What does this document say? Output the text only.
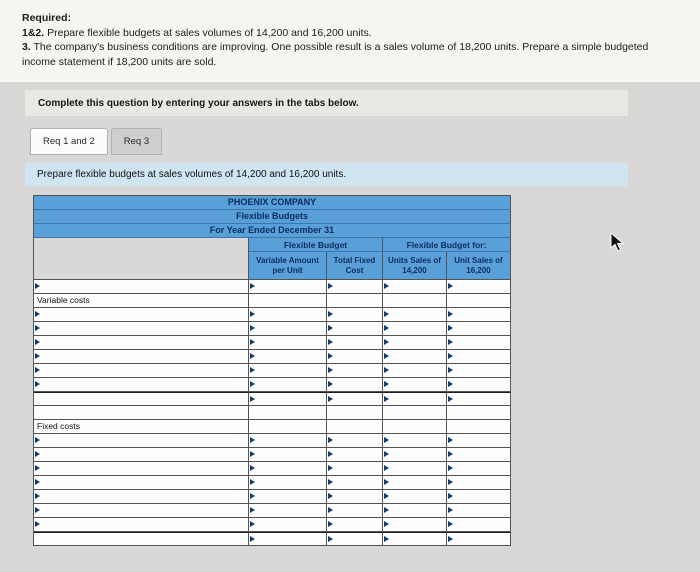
Required:
1&2. Prepare flexible budgets at sales volumes of 14,200 and 16,200 units.
3. The company's business conditions are improving. One possible result is a sales volume of 18,200 units. Prepare a simple budgeted income statement if 18,200 units are sold.
Complete this question by entering your answers in the tabs below.
Req 1 and 2	Req 3
Prepare flexible budgets at sales volumes of 14,200 and 16,200 units.
PHOENIX COMPANY
Flexible Budgets
For Year Ended December 31
Flexible Budget	Flexible Budget for:
Variable Amount per Unit
Total Fixed Cost
Units Sales of 14,200
Unit Sales of 16,200
Variable costs
Fixed costs
